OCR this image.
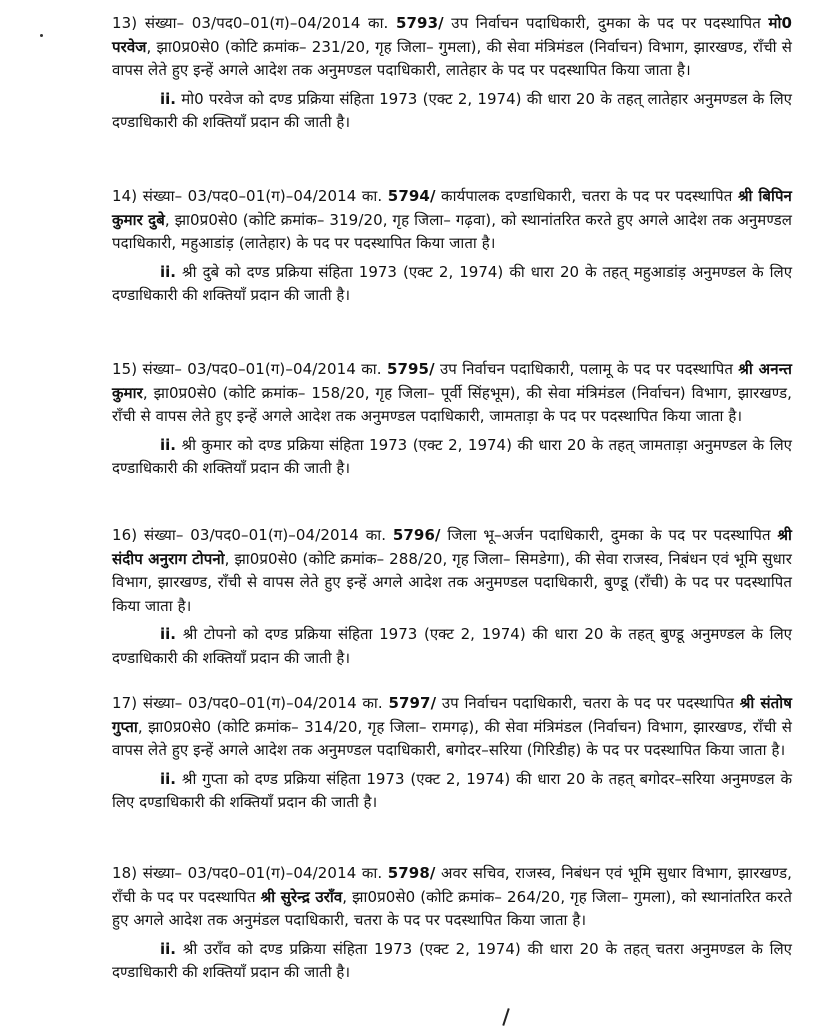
13) संख्या– 03/पद0–01(ग)–04/2014 का. 5793/ उप निर्वाचन पदाधिकारी, दुमका के पद पर पदस्थापित मो0 परवेज, झा0प्र0से0 (कोटि क्रमांक– 231/20, गृह जिला– गुमला), की सेवा मंत्रिमंडल (निर्वाचन) विभाग, झारखण्ड, राँची से वापस लेते हुए इन्हें अगले आदेश तक अनुमण्डल पदाधिकारी, लातेहार के पद पर पदस्थापित किया जाता है।

ii. मो0 परवेज को दण्ड प्रक्रिया संहिता 1973 (एक्ट 2, 1974) की धारा 20 के तहत् लातेहार अनुमण्डल के लिए दण्डाधिकारी की शक्तियाँ प्रदान की जाती है।

14) संख्या– 03/पद0–01(ग)–04/2014 का. 5794/ कार्यपालक दण्डाधिकारी, चतरा के पद पर पदस्थापित श्री बिपिन कुमार दुबे, झा0प्र0से0 (कोटि क्रमांक– 319/20, गृह जिला– गढ़वा), को स्थानांतरित करते हुए अगले आदेश तक अनुमण्डल पदाधिकारी, महुआडांड़ (लातेहार) के पद पर पदस्थापित किया जाता है।

ii. श्री दुबे को दण्ड प्रक्रिया संहिता 1973 (एक्ट 2, 1974) की धारा 20 के तहत् महुआडांड़ अनुमण्डल के लिए दण्डाधिकारी की शक्तियाँ प्रदान की जाती है।

15) संख्या– 03/पद0–01(ग)–04/2014 का. 5795/ उप निर्वाचन पदाधिकारी, पलामू के पद पर पदस्थापित श्री अनन्त कुमार, झा0प्र0से0 (कोटि क्रमांक– 158/20, गृह जिला– पूर्वी सिंहभूम), की सेवा मंत्रिमंडल (निर्वाचन) विभाग, झारखण्ड, राँची से वापस लेते हुए इन्हें अगले आदेश तक अनुमण्डल पदाधिकारी, जामताड़ा के पद पर पदस्थापित किया जाता है।

ii. श्री कुमार को दण्ड प्रक्रिया संहिता 1973 (एक्ट 2, 1974) की धारा 20 के तहत् जामताड़ा अनुमण्डल के लिए दण्डाधिकारी की शक्तियाँ प्रदान की जाती है।

16) संख्या– 03/पद0–01(ग)–04/2014 का. 5796/ जिला भू–अर्जन पदाधिकारी, दुमका के पद पर पदस्थापित श्री संदीप अनुराग टोपनो, झा0प्र0से0 (कोटि क्रमांक– 288/20, गृह जिला– सिमडेगा), की सेवा राजस्व, निबंधन एवं भूमि सुधार विभाग, झारखण्ड, राँची से वापस लेते हुए इन्हें अगले आदेश तक अनुमण्डल पदाधिकारी, बुण्डू (राँची) के पद पर पदस्थापित किया जाता है।

ii. श्री टोपनो को दण्ड प्रक्रिया संहिता 1973 (एक्ट 2, 1974) की धारा 20 के तहत् बुण्डू अनुमण्डल के लिए दण्डाधिकारी की शक्तियाँ प्रदान की जाती है।

17) संख्या– 03/पद0–01(ग)–04/2014 का. 5797/ उप निर्वाचन पदाधिकारी, चतरा के पद पर पदस्थापित श्री संतोष गुप्ता, झा0प्र0से0 (कोटि क्रमांक– 314/20, गृह जिला– रामगढ़), की सेवा मंत्रिमंडल (निर्वाचन) विभाग, झारखण्ड, राँची से वापस लेते हुए इन्हें अगले आदेश तक अनुमण्डल पदाधिकारी, बगोदर–सरिया (गिरिडीह) के पद पर पदस्थापित किया जाता है।

ii. श्री गुप्ता को दण्ड प्रक्रिया संहिता 1973 (एक्ट 2, 1974) की धारा 20 के तहत् बगोदर–सरिया अनुमण्डल के लिए दण्डाधिकारी की शक्तियाँ प्रदान की जाती है।

18) संख्या– 03/पद0–01(ग)–04/2014 का. 5798/ अवर सचिव, राजस्व, निबंधन एवं भूमि सुधार विभाग, झारखण्ड, राँची के पद पर पदस्थापित श्री सुरेन्द्र उराँव, झा0प्र0से0 (कोटि क्रमांक– 264/20, गृह जिला– गुमला), को स्थानांतरित करते हुए अगले आदेश तक अनुमंडल पदाधिकारी, चतरा के पद पर पदस्थापित किया जाता है।

ii. श्री उराँव को दण्ड प्रक्रिया संहिता 1973 (एक्ट 2, 1974) की धारा 20 के तहत् चतरा अनुमण्डल के लिए दण्डाधिकारी की शक्तियाँ प्रदान की जाती है।
